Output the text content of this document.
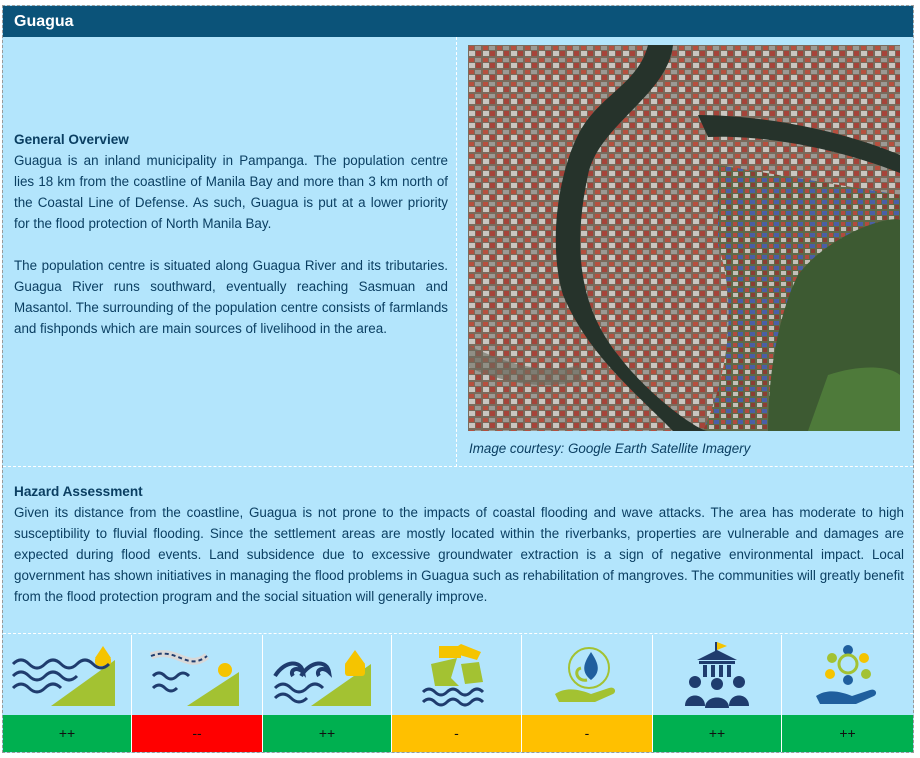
Guagua
General Overview

Guagua is an inland municipality in Pampanga. The population centre lies 18 km from the coastline of Manila Bay and more than 3 km north of the Coastal Line of Defense. As such, Guagua is put at a lower priority for the flood protection of North Manila Bay.

The population centre is situated along Guagua River and its tributaries. Guagua River runs southward, eventually reaching Sasmuan and Masantol. The surrounding of the population centre consists of farmlands and fishponds which are main sources of livelihood in the area.

Image courtesy: Google Earth Satellite Imagery
Hazard Assessment

Given its distance from the coastline, Guagua is not prone to the impacts of coastal flooding and wave attacks. The area has moderate to high susceptibility to fluvial flooding. Since the settlement areas are mostly located within the riverbanks, properties are vulnerable and damages are expected during flood events. Land subsidence due to excessive groundwater extraction is a sign of negative environmental impact. Local government has shown initiatives in managing the flood problems in Guagua such as rehabilitation of mangroves. The communities will greatly benefit from the flood protection program and the social situation will generally improve.

++	--	++	-	-	++	++
